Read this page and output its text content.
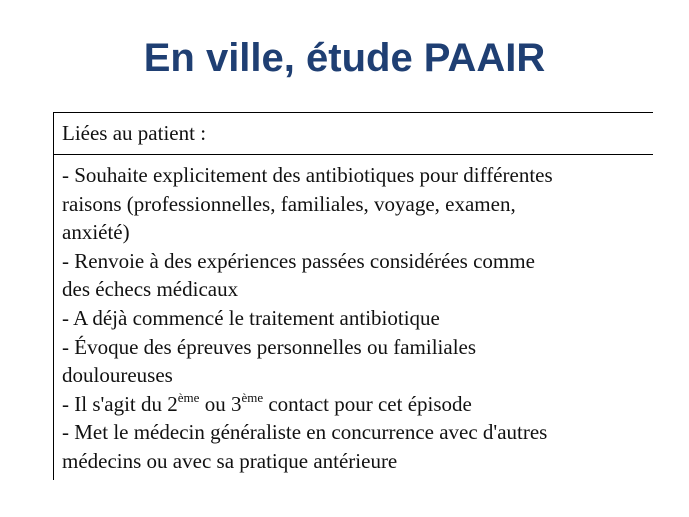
En ville, étude PAAIR
Liées au patient :
- Souhaite explicitement des antibiotiques pour différentes
raisons (professionnelles, familiales, voyage, examen,
anxiété)
- Renvoie à des expériences passées considérées comme
des échecs médicaux
- A déjà commencé le traitement antibiotique
- Évoque des épreuves personnelles ou familiales
douloureuses
- Il s'agit du 2ème ou 3ème contact pour cet épisode
- Met le médecin généraliste en concurrence avec d'autres
médecins ou avec sa pratique antérieure
